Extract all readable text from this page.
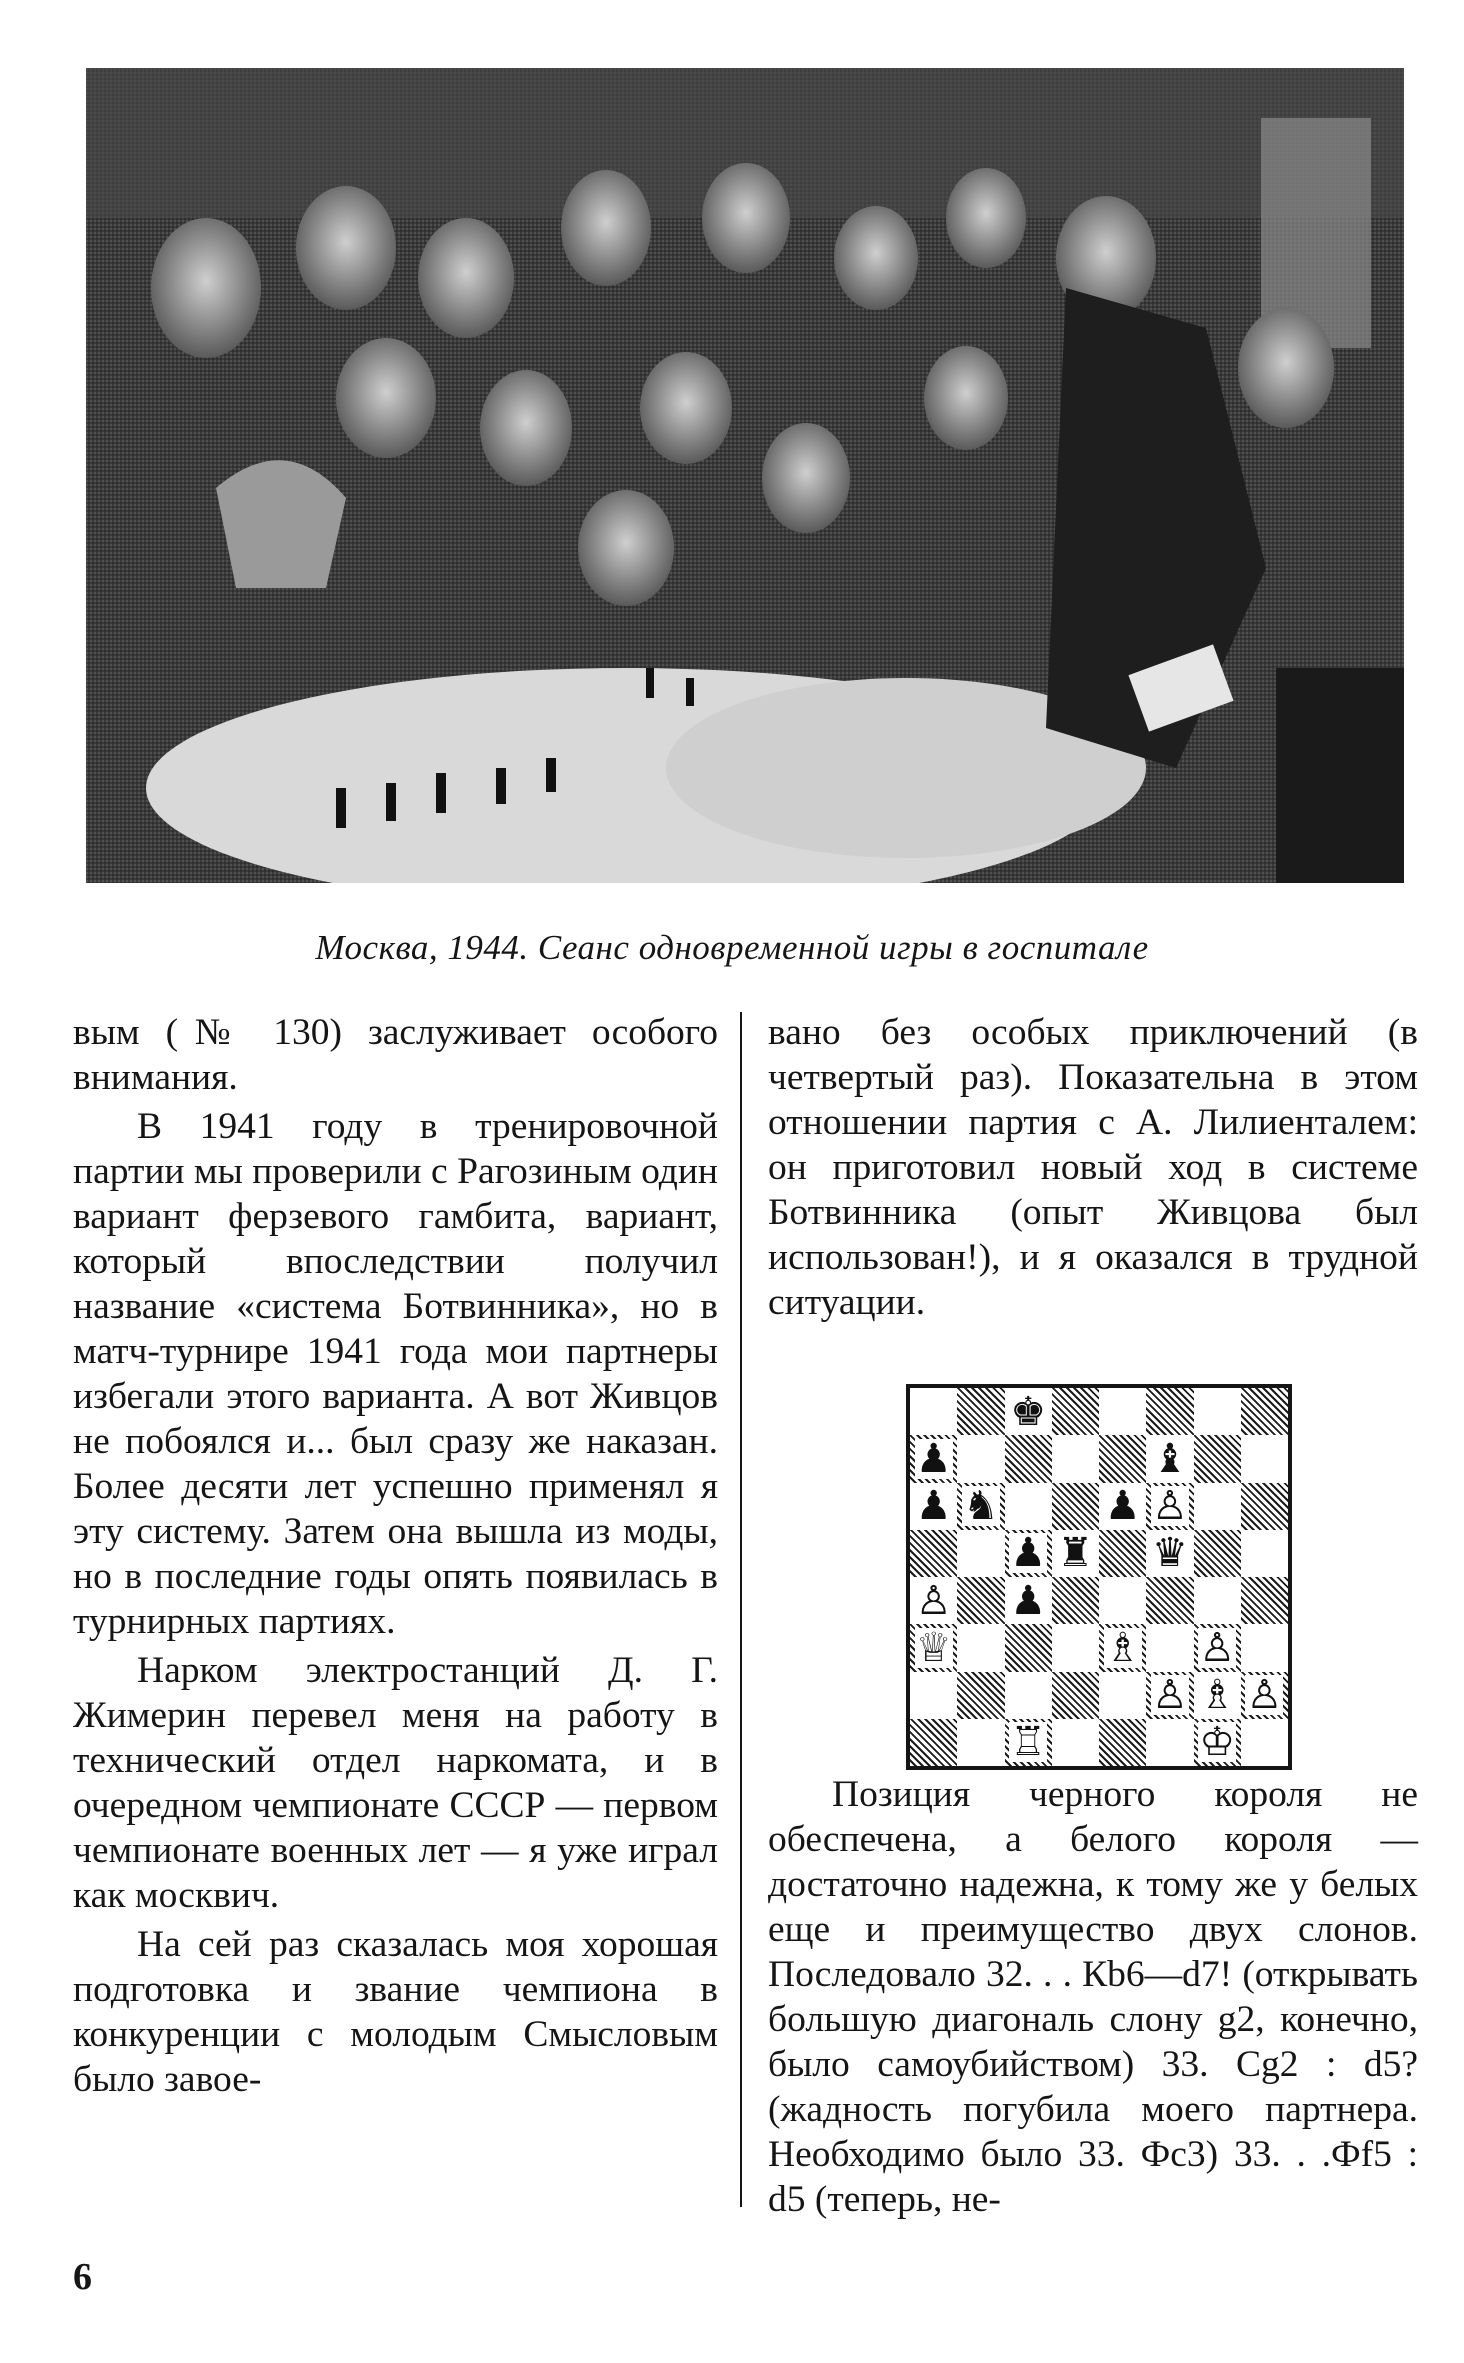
Москва, 1944. Сеанс одновременной игры в госпитале

вым (№ 130) заслуживает особого внимания.

В 1941 году в тренировочной партии мы проверили с Рагозиным один вариант ферзевого гамбита, вариант, который впоследствии получил название «система Ботвинника», но в матч-турнире 1941 года мои партнеры избегали этого варианта. А вот Живцов не побоялся и... был сразу же наказан. Более десяти лет успешно применял я эту систему. Затем она вышла из моды, но в последние годы опять появилась в турнирных партиях.

Нарком электростанций Д. Г. Жимерин перевел меня на работу в технический отдел наркомата, и в очередном чемпионате СССР — первом чемпионате военных лет — я уже играл как москвич.

На сей раз сказалась моя хорошая подготовка и звание чемпиона в конкуренции с молодым Смысловым было завое-

вано без особых приключений (в четвертый раз). Показательна в этом отношении партия с А. Лилиенталем: он приготовил новый ход в системе Ботвинника (опыт Живцова был использован!), и я оказался в трудной ситуации.

♚
♟	♝
♟ ♞	♟ ♙
♟ ♜ ♛
♙ ♟
♕	♗ ♙
♙ ♗ ♙
♖	♔

Позиция черного короля не обеспечена, а белого короля — достаточно надежна, к тому же у белых еще и преимущество двух слонов. Последовало 32. . . Кb6—d7! (открывать большую диагональ слону g2, конечно, было самоубийством) 33. Сg2 : d5? (жадность погубила моего партнера. Необходимо было 33. Фс3) 33. . .Фf5 : d5 (теперь, не-

6
